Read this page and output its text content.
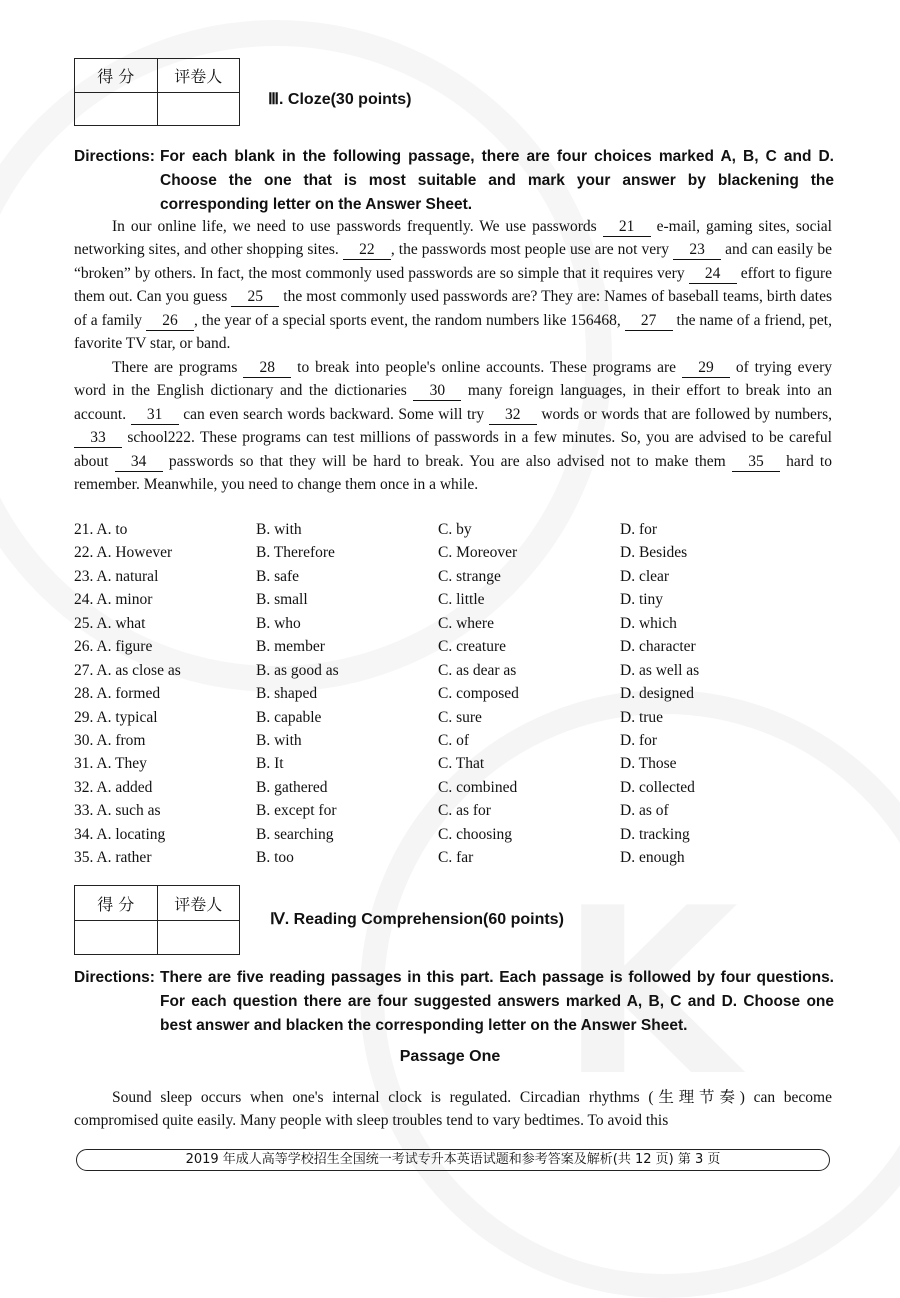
得 分	评卷人
Ⅲ. Cloze(30 points)
Directions: For each blank in the following passage, there are four choices marked A, B, C and D. Choose the one that is most suitable and mark your answer by blackening the corresponding letter on the Answer Sheet.
In our online life, we need to use passwords frequently. We use passwords 21 e-mail, gaming sites, social networking sites, and other shopping sites. 22 , the passwords most people use are not very 23 and can easily be “broken” by others. In fact, the most commonly used passwords are so simple that it requires very 24 effort to figure them out. Can you guess 25 the most commonly used passwords are? They are: Names of baseball teams, birth dates of a family 26 , the year of a special sports event, the random numbers like 156468, 27 the name of a friend, pet, favorite TV star, or band.
There are programs 28 to break into people's online accounts. These programs are 29 of trying every word in the English dictionary and the dictionaries 30 many foreign languages, in their effort to break into an account. 31 can even search words backward. Some will try 32 words or words that are followed by numbers, 33 school222. These programs can test millions of passwords in a few minutes. So, you are advised to be careful about 34 passwords so that they will be hard to break. You are also advised not to make them 35 hard to remember. Meanwhile, you need to change them once in a while.
21. A. to	B. with	C. by	D. for
22. A. However	B. Therefore	C. Moreover	D. Besides
23. A. natural	B. safe	C. strange	D. clear
24. A. minor	B. small	C. little	D. tiny
25. A. what	B. who	C. where	D. which
26. A. figure	B. member	C. creature	D. character
27. A. as close as	B. as good as	C. as dear as	D. as well as
28. A. formed	B. shaped	C. composed	D. designed
29. A. typical	B. capable	C. sure	D. true
30. A. from	B. with	C. of	D. for
31. A. They	B. It	C. That	D. Those
32. A. added	B. gathered	C. combined	D. collected
33. A. such as	B. except for	C. as for	D. as of
34. A. locating	B. searching	C. choosing	D. tracking
35. A. rather	B. too	C. far	D. enough
得 分	评卷人
Ⅳ. Reading Comprehension(60 points)
Directions: There are five reading passages in this part. Each passage is followed by four questions. For each question there are four suggested answers marked A, B, C and D. Choose one best answer and blacken the corresponding letter on the Answer Sheet.
Passage One
Sound sleep occurs when one's internal clock is regulated. Circadian rhythms (生理节奏) can become compromised quite easily. Many people with sleep troubles tend to vary bedtimes. To avoid this
2019 年成人高等学校招生全国统一考试专升本英语试题和参考答案及解析(共 12 页) 第 3 页
